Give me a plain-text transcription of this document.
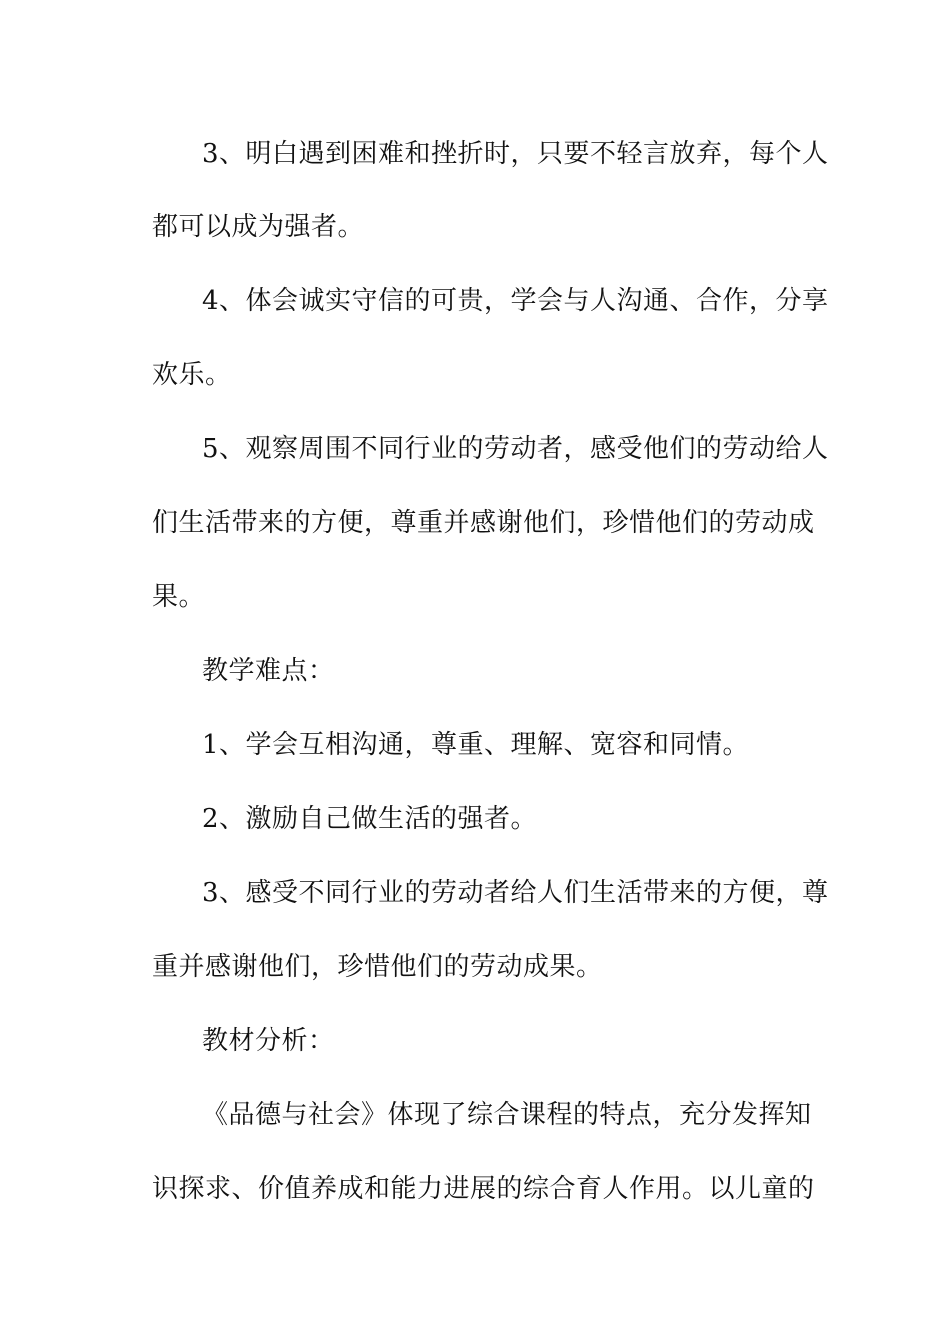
3、明白遇到困难和挫折时，只要不轻言放弃，每个人
都可以成为强者。
4、体会诚实守信的可贵，学会与人沟通、合作，分享
欢乐。
5、观察周围不同行业的劳动者，感受他们的劳动给人
们生活带来的方便，尊重并感谢他们，珍惜他们的劳动成
果。
教学难点：
1、学会互相沟通，尊重、理解、宽容和同情。
2、激励自己做生活的强者。
3、感受不同行业的劳动者给人们生活带来的方便，尊
重并感谢他们，珍惜他们的劳动成果。
教材分析：
《品德与社会》体现了综合课程的特点，充分发挥知
识探求、价值养成和能力进展的综合育人作用。以儿童的
